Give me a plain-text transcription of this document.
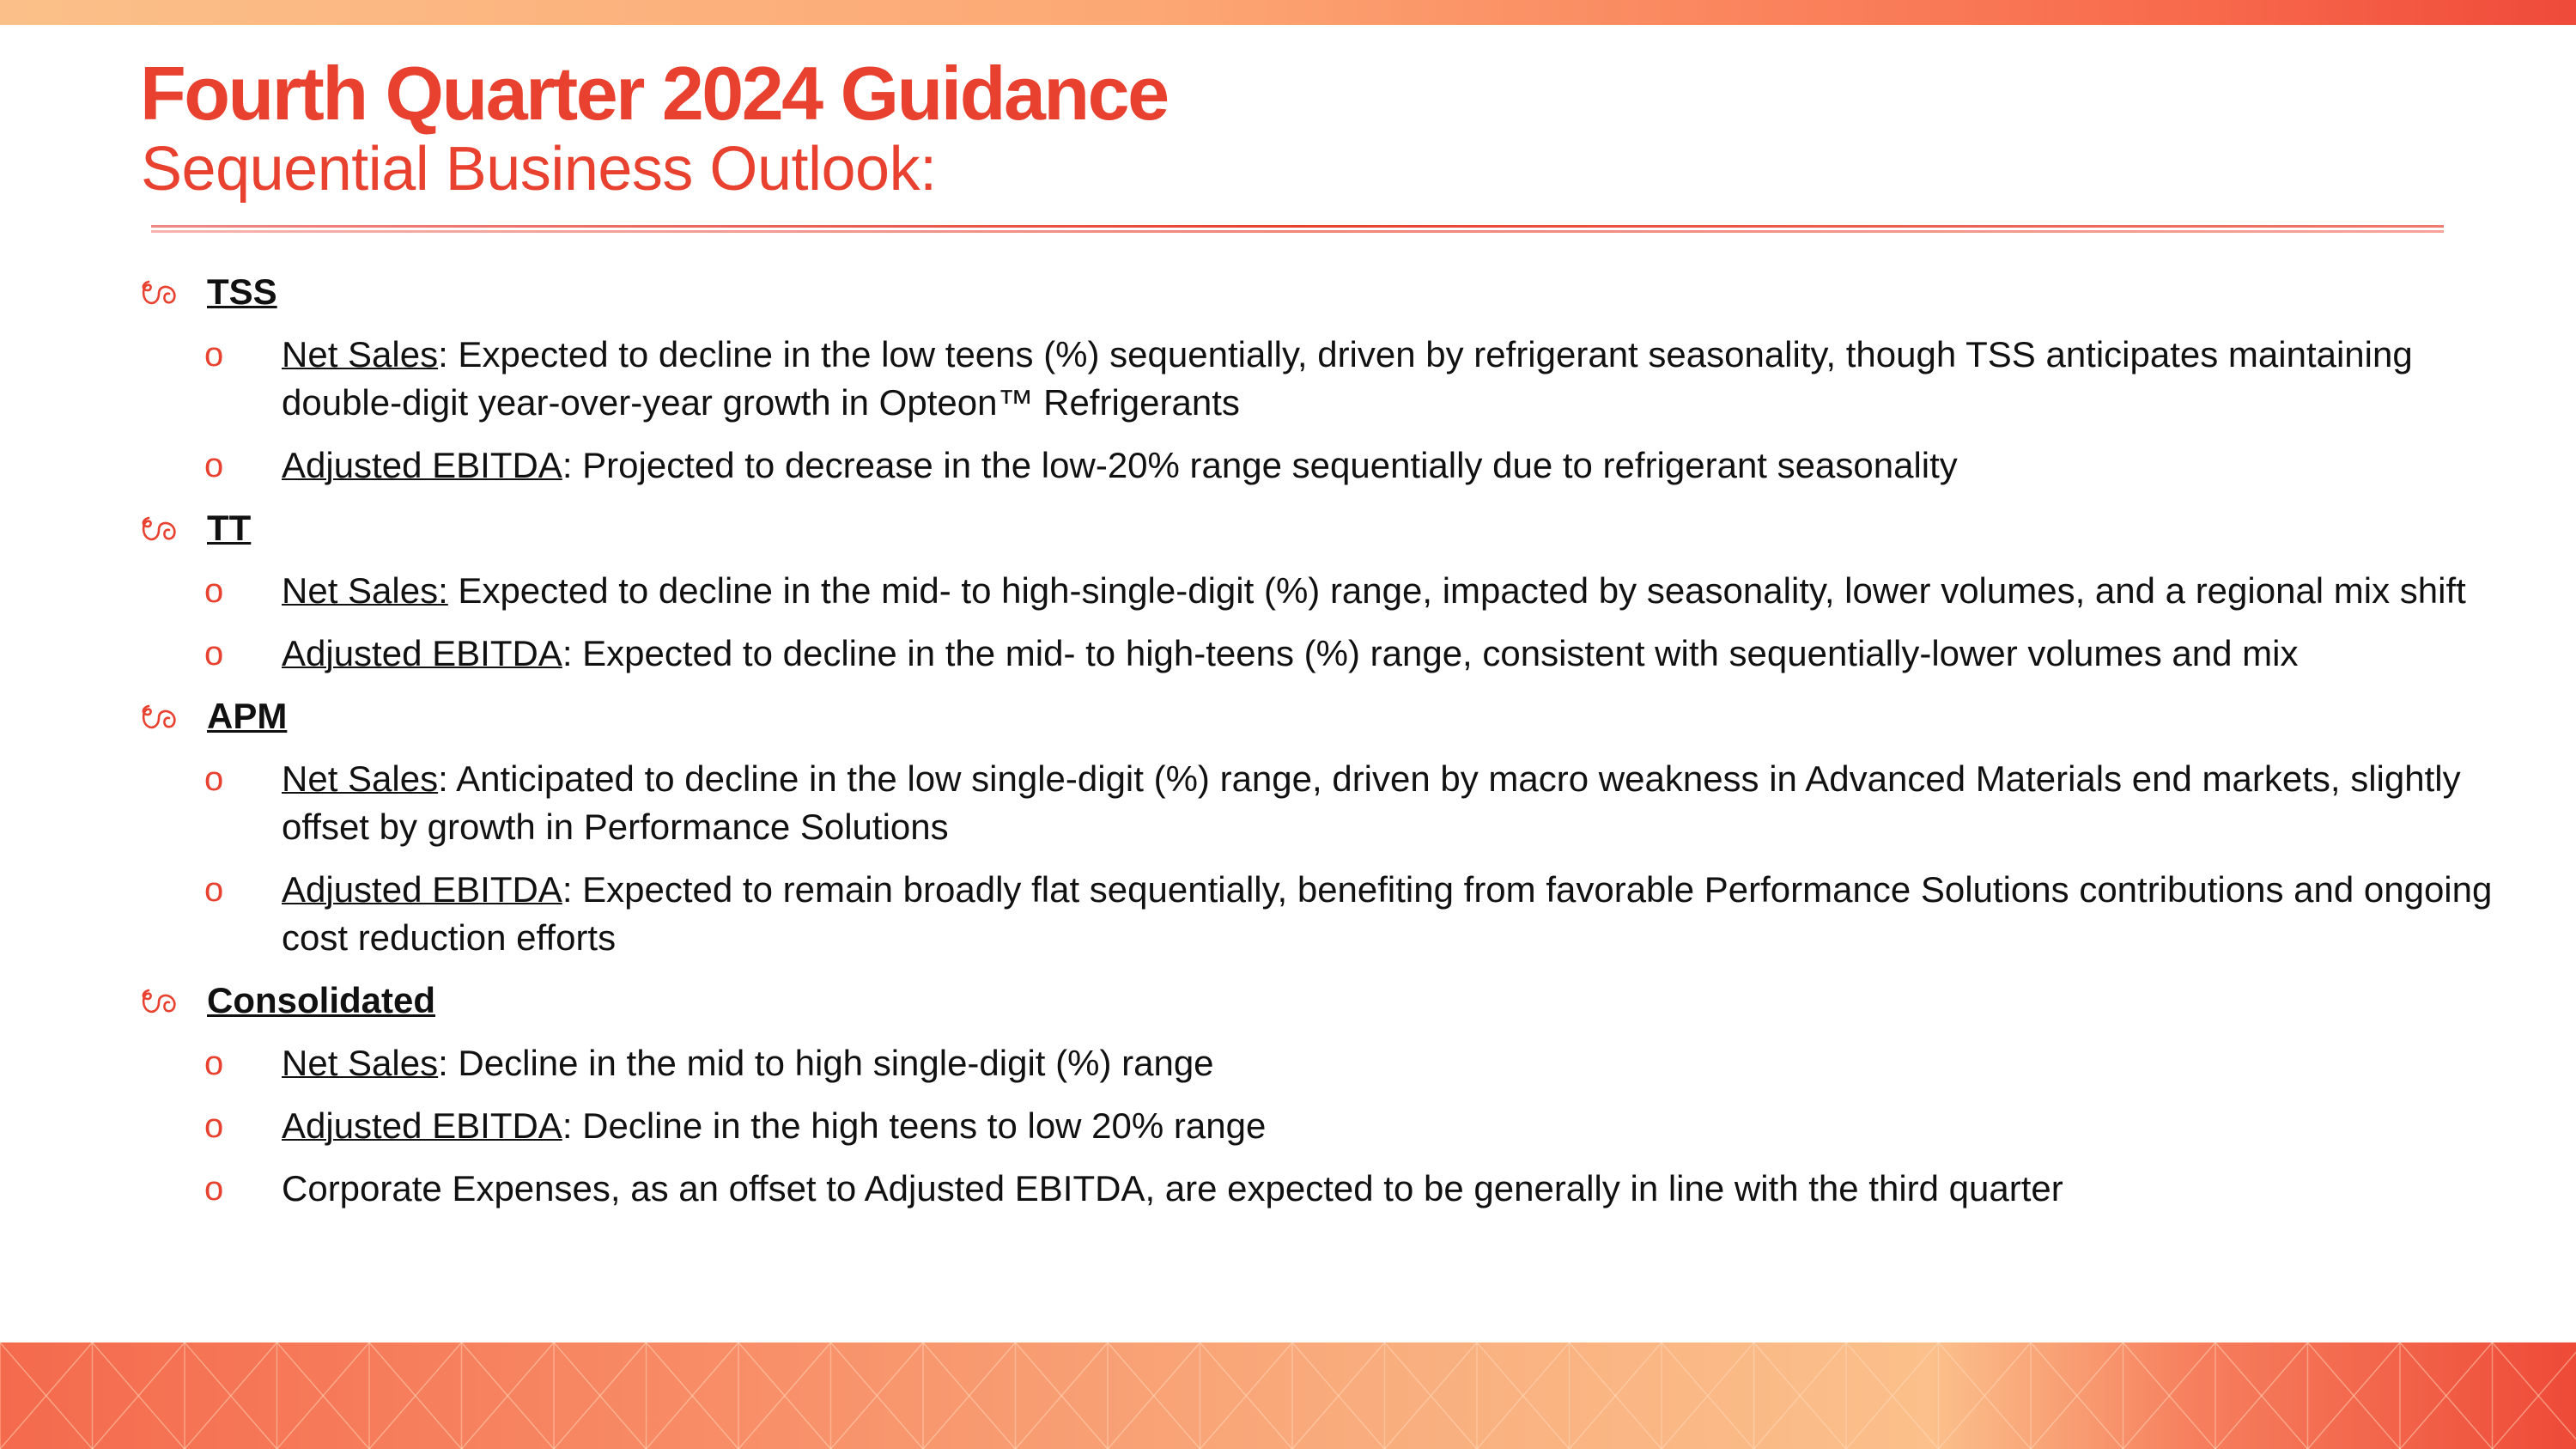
Fourth Quarter 2024 Guidance
Sequential Business Outlook:
TSS
o Net Sales: Expected to decline in the low teens (%) sequentially, driven by refrigerant seasonality, though TSS anticipates maintaining double-digit year-over-year growth in Opteon™ Refrigerants
o Adjusted EBITDA: Projected to decrease in the low-20% range sequentially due to refrigerant seasonality
TT
o Net Sales: Expected to decline in the mid- to high-single-digit (%) range, impacted by seasonality, lower volumes, and a regional mix shift
o Adjusted EBITDA: Expected to decline in the mid- to high-teens (%) range, consistent with sequentially-lower volumes and mix
APM
o Net Sales: Anticipated to decline in the low single-digit (%) range, driven by macro weakness in Advanced Materials end markets, slightly offset by growth in Performance Solutions
o Adjusted EBITDA: Expected to remain broadly flat sequentially, benefiting from favorable Performance Solutions contributions and ongoing cost reduction efforts
Consolidated
o Net Sales: Decline in the mid to high single-digit (%) range
o Adjusted EBITDA: Decline in the high teens to low 20% range
o Corporate Expenses, as an offset to Adjusted EBITDA, are expected to be generally in line with the third quarter
